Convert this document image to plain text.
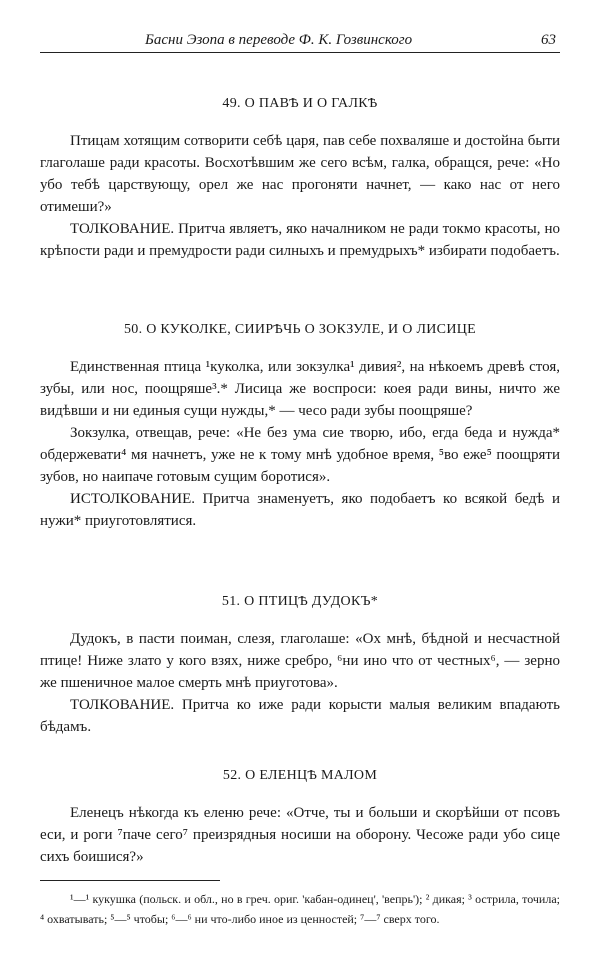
Басни Эзопа в переводе Ф. К. Гозвинского	63
49. О ПАВѢ И О ГАЛКѢ

Птицам хотящим сотворити себѣ царя, пав себе похваляше и достойна быти глаголаше ради красоты. Восхотѣвшим же сего всѣм, галка, обращся, рече: «Но убо тебѣ царствующу, орел же нас прогоняти начнет, — како нас от него отимеши?»

ТОЛКОВАНИЕ. Притча являетъ, яко началником не ради токмо красоты, но крѣпости ради и премудрости ради силныхъ и премудрыхъ* избирати подобаетъ.

50. О КУКОЛКЕ, СИИРѢЧЬ О ЗОКЗУЛЕ, И О ЛИСИЦЕ

Единственная птица ¹куколка, или зокзулка¹ дивия², на нѣкоемъ древѣ стоя, зубы, или нос, поощряше³.* Лисица же воспроси: коея ради вины, ничто же видѣвши и ни единыя сущи нужды,* — чесо ради зубы поощряше?

Зокзулка, отвещав, рече: «Не без ума сие творю, ибо, егда беда и нужда* обдержевати⁴ мя начнетъ, уже не к тому мнѣ удобное время, ⁵во еже⁵ поощряти зубов, но наипаче готовым сущим боротися».

ИСТОЛКОВАНИЕ. Притча знаменуетъ, яко подобаетъ ко всякой бедѣ и нужи* приуготовлятися.

51. О ПТИЦѢ ДУДОКЪ*

Дудокъ, в пасти поиман, слезя, глаголаше: «Ох мнѣ, бѣдной и несчастной птице! Ниже злато у кого взях, ниже сребро, ⁶ни ино что от честных⁶, — зерно же пшеничное малое смерть мнѣ приуготова».

ТОЛКОВАНИЕ. Притча ко иже ради корысти малыя великим впадають бѣдамъ.

52. О ЕЛЕНЦѢ МАЛОМ

Еленецъ нѣкогда къ еленю рече: «Отче, ты и больши и скорѣйши от псовъ еси, и роги ⁷паче сего⁷ преизрядныя носиши на оборону. Чесоже ради убо сице сихъ боишися?»

¹—¹ кукушка (польск. и обл., но в греч. ориг. 'кабан-одинец', 'вепрь'); ² дикая; ³ острила, точила; ⁴ охватывать; ⁵—⁵ чтобы; ⁶—⁶ ни что-либо иное из ценностей; ⁷—⁷ сверх того.
